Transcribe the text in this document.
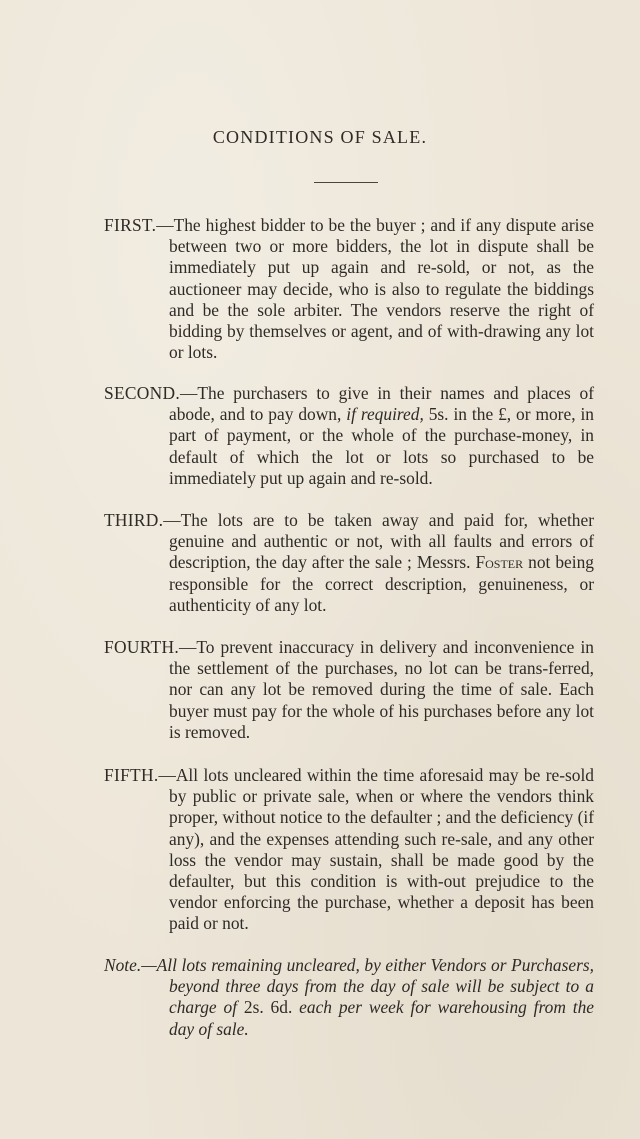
CONDITIONS OF SALE.

FIRST.—The highest bidder to be the buyer ; and if any dispute arise between two or more bidders, the lot in dispute shall be immediately put up again and re-sold, or not, as the auctioneer may decide, who is also to regulate the biddings and be the sole arbiter. The vendors reserve the right of bidding by themselves or agent, and of with-drawing any lot or lots.

SECOND.—The purchasers to give in their names and places of abode, and to pay down, if required, 5s. in the £, or more, in part of payment, or the whole of the purchase-money, in default of which the lot or lots so purchased to be immediately put up again and re-sold.

THIRD.—The lots are to be taken away and paid for, whether genuine and authentic or not, with all faults and errors of description, the day after the sale ; Messrs. Foster not being responsible for the correct description, genuineness, or authenticity of any lot.

FOURTH.—To prevent inaccuracy in delivery and inconvenience in the settlement of the purchases, no lot can be trans-ferred, nor can any lot be removed during the time of sale. Each buyer must pay for the whole of his purchases before any lot is removed.

FIFTH.—All lots uncleared within the time aforesaid may be re-sold by public or private sale, when or where the vendors think proper, without notice to the defaulter ; and the deficiency (if any), and the expenses attending such re-sale, and any other loss the vendor may sustain, shall be made good by the defaulter, but this condition is with-out prejudice to the vendor enforcing the purchase, whether a deposit has been paid or not.

Note.—All lots remaining uncleared, by either Vendors or Purchasers, beyond three days from the day of sale will be subject to a charge of 2s. 6d. each per week for warehousing from the day of sale.
